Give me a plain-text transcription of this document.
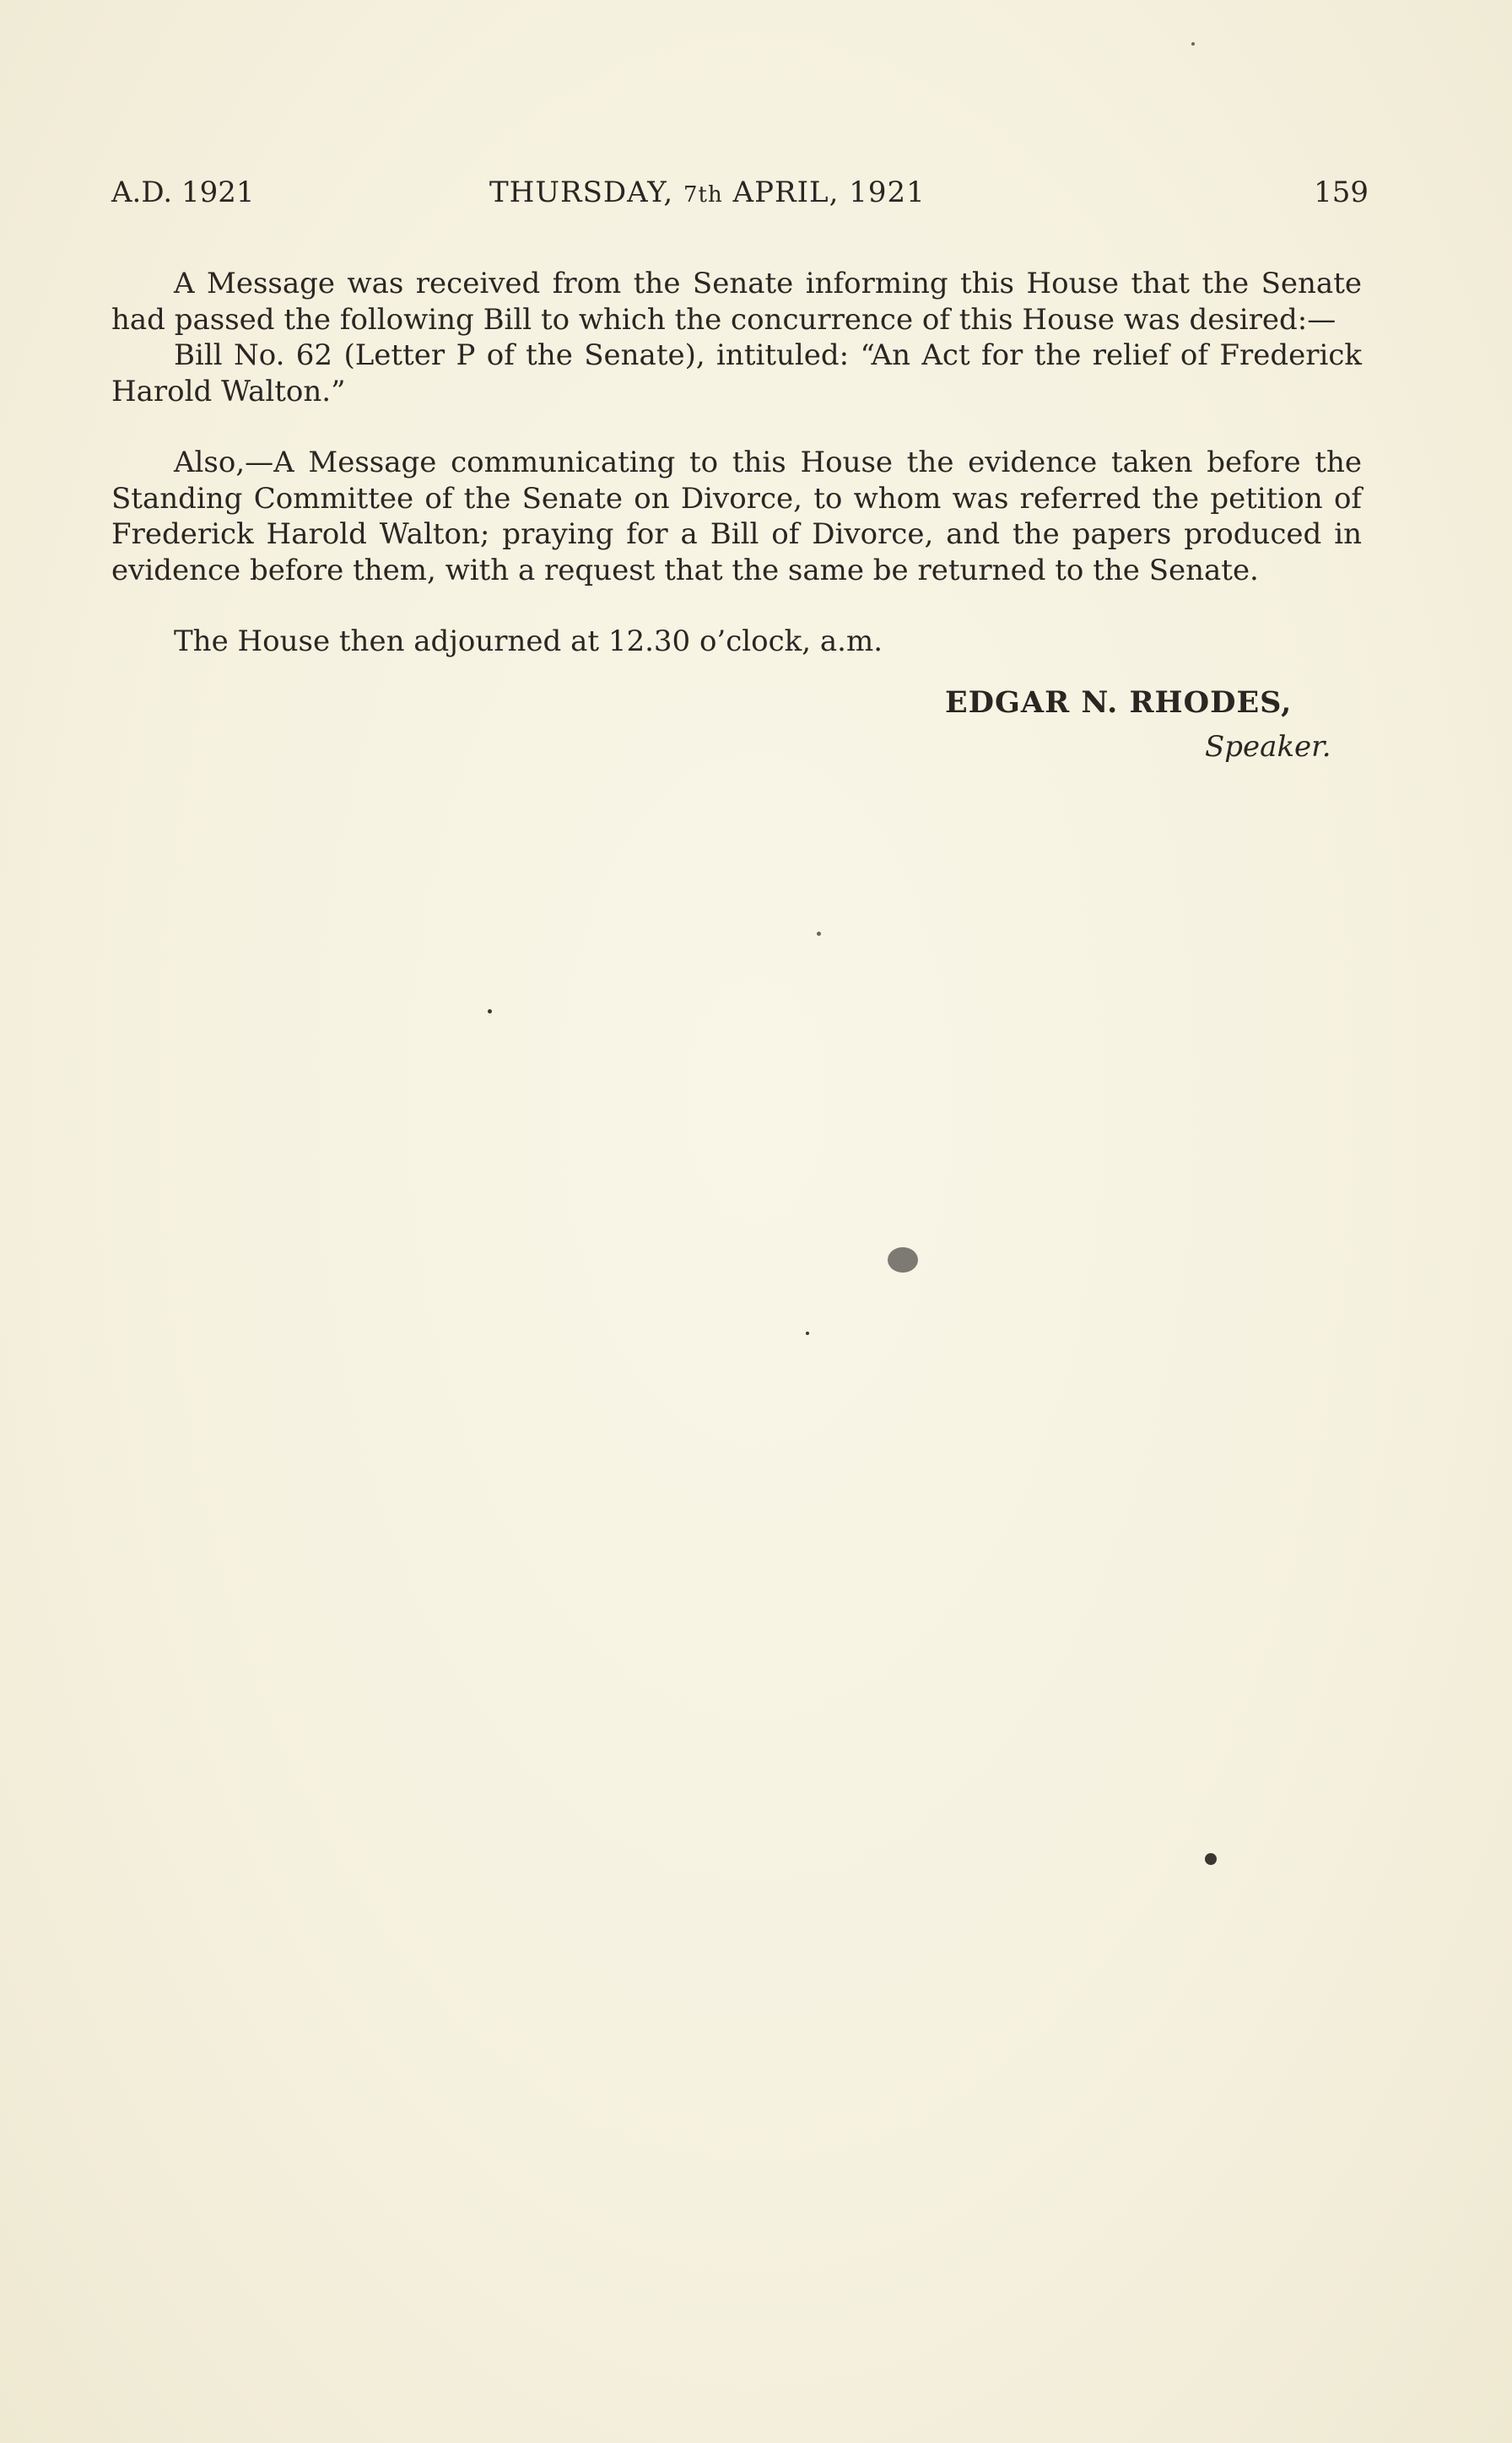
A.D. 1921	THURSDAY, 7th APRIL, 1921	159

A Message was received from the Senate informing this House that the Senate had passed the following Bill to which the concurrence of this House was desired:—

Bill No. 62 (Letter P of the Senate), intituled: “An Act for the relief of Frederick Harold Walton.”

Also,—A Message communicating to this House the evidence taken before the Standing Committee of the Senate on Divorce, to whom was referred the petition of Frederick Harold Walton; praying for a Bill of Divorce, and the papers produced in evidence before them, with a request that the same be returned to the Senate.

The House then adjourned at 12.30 o’clock, a.m.

EDGAR N. RHODES,
Speaker.
